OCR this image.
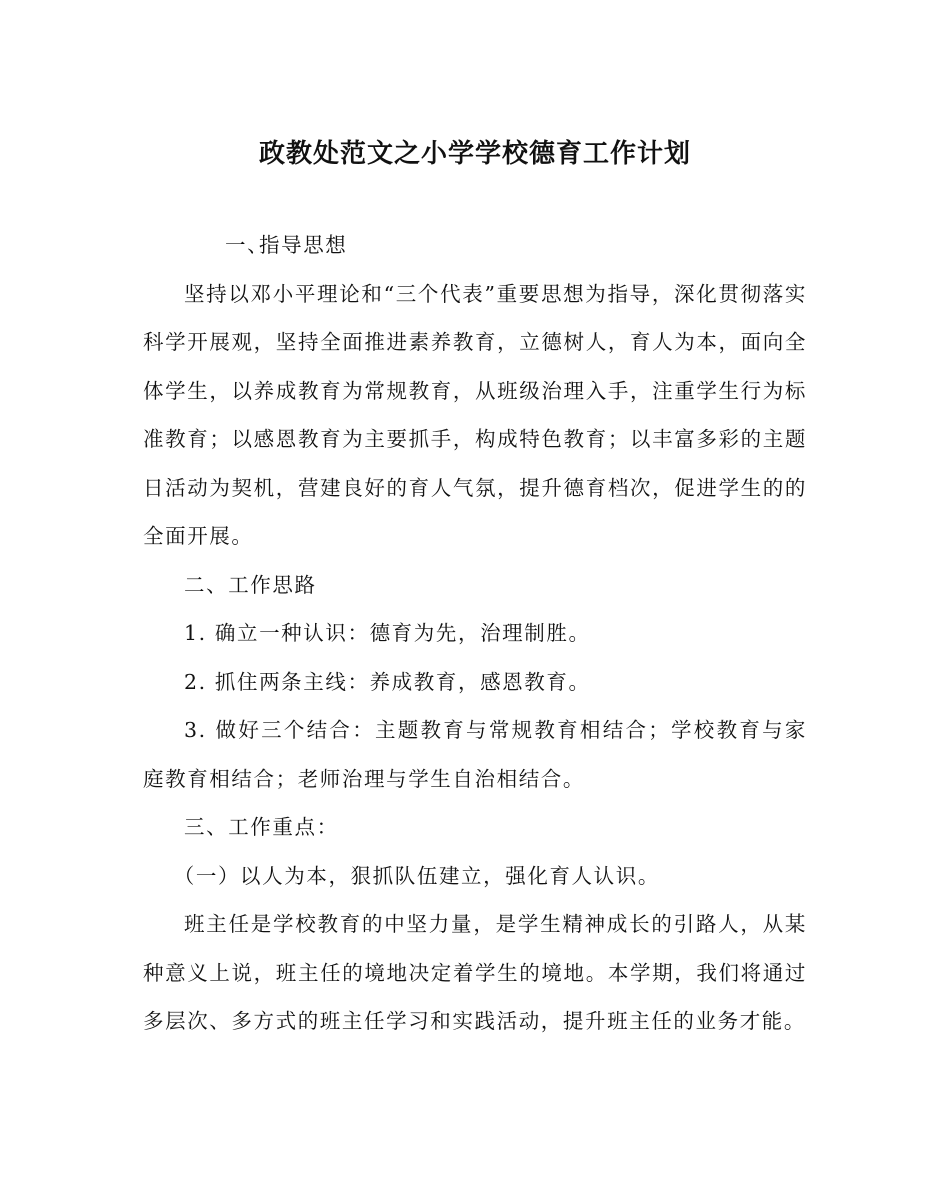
政教处范文之小学学校德育工作计划

一、指导思想

坚持以邓小平理论和“三个代表”重要思想为指导，深化贯彻落实科学开展观，坚持全面推进素养教育，立德树人，育人为本，面向全体学生，以养成教育为常规教育，从班级治理入手，注重学生行为标准教育；以感恩教育为主要抓手，构成特色教育；以丰富多彩的主题日活动为契机，营建良好的育人气氛，提升德育档次，促进学生的的全面开展。

二、工作思路

1. 确立一种认识：德育为先，治理制胜。

2. 抓住两条主线：养成教育，感恩教育。

3. 做好三个结合：主题教育与常规教育相结合；学校教育与家庭教育相结合；老师治理与学生自治相结合。

三、工作重点：

（一）以人为本，狠抓队伍建立，强化育人认识。

班主任是学校教育的中坚力量，是学生精神成长的引路人，从某种意义上说，班主任的境地决定着学生的境地。本学期，我们将通过多层次、多方式的班主任学习和实践活动，提升班主任的业务才能。
